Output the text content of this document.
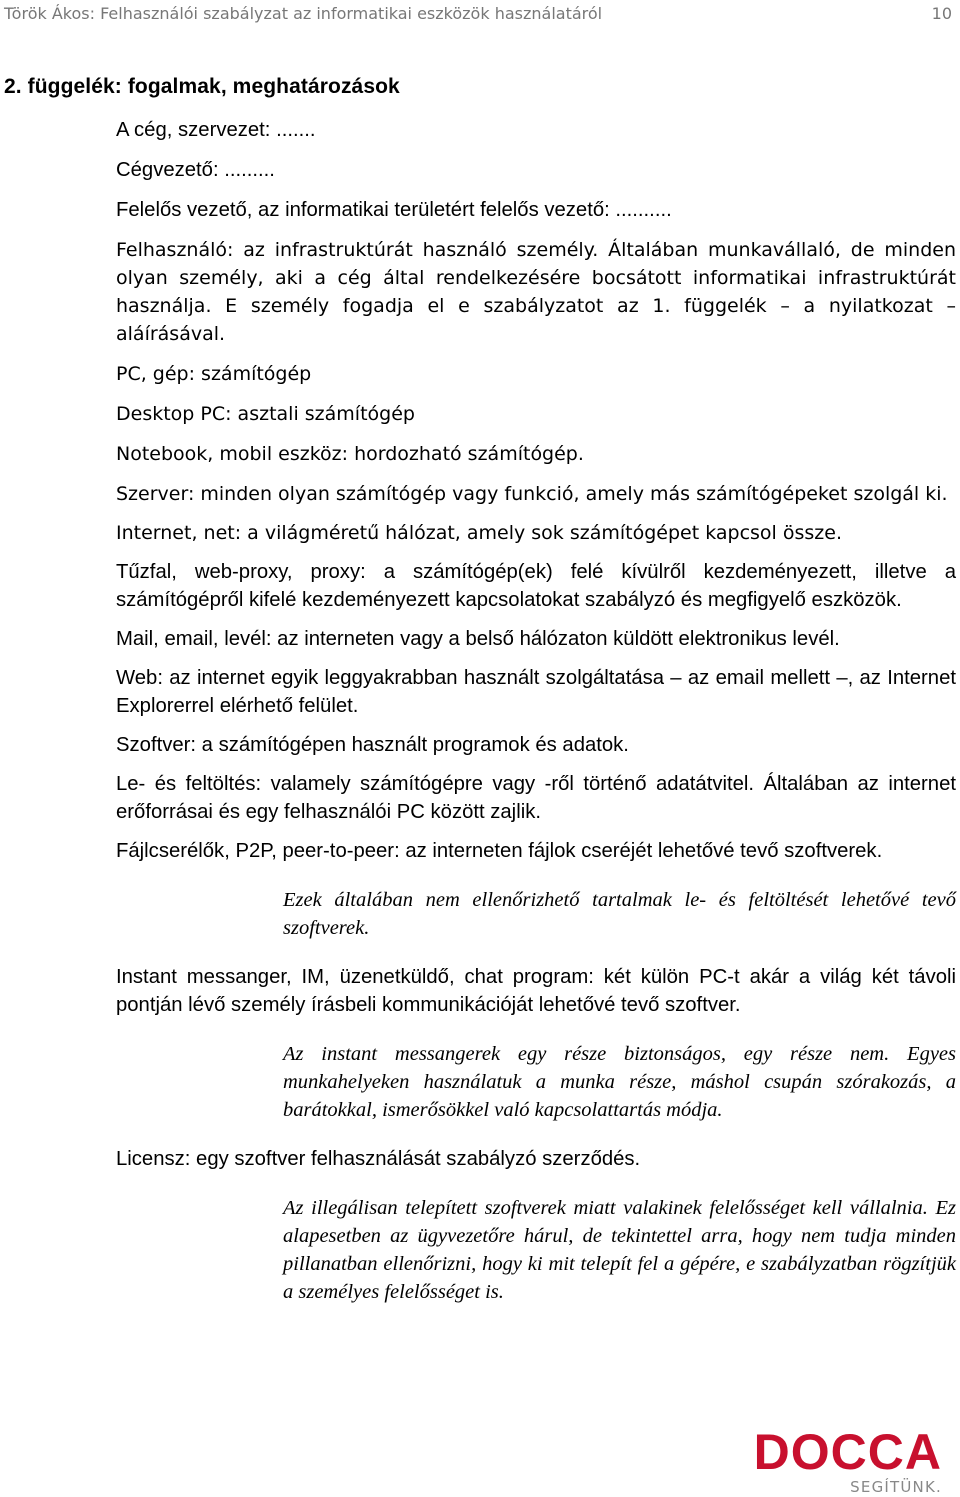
Török Ákos: Felhasználói szabályzat az informatikai eszközök használatáról	10
2. függelék: fogalmak, meghatározások

A cég, szervezet: .......

Cégvezető: .........

Felelős vezető, az informatikai területért felelős vezető: ..........

Felhasználó: az infrastruktúrát használó személy. Általában munkavállaló, de minden olyan személy, aki a cég által rendelkezésére bocsátott informatikai infrastruktúrát használja. E személy fogadja el e szabályzatot az 1. függelék – a nyilatkozat – aláírásával.

PC, gép: számítógép

Desktop PC: asztali számítógép

Notebook, mobil eszköz: hordozható számítógép.

Szerver: minden olyan számítógép vagy funkció, amely más számítógépeket szolgál ki.

Internet, net: a világméretű hálózat, amely sok számítógépet kapcsol össze.

Tűzfal, web-proxy, proxy: a számítógép(ek) felé kívülről kezdeményezett, illetve a számítógépről kifelé kezdeményezett kapcsolatokat szabályzó és megfigyelő eszközök.

Mail, email, levél: az interneten vagy a belső hálózaton küldött elektronikus levél.

Web: az internet egyik leggyakrabban használt szolgáltatása – az email mellett –, az Internet Explorerrel elérhető felület.

Szoftver: a számítógépen használt programok és adatok.

Le- és feltöltés: valamely számítógépre vagy -ről történő adatátvitel. Általában az internet erőforrásai és egy felhasználói PC között zajlik.

Fájlcserélők, P2P, peer-to-peer: az interneten fájlok cseréjét lehetővé tevő szoftverek.

Ezek általában nem ellenőrizhető tartalmak le- és feltöltését lehetővé tevő szoftverek.

Instant messanger, IM, üzenetküldő, chat program: két külön PC-t akár a világ két távoli pontján lévő személy írásbeli kommunikációját lehetővé tevő szoftver.

Az instant messangerek egy része biztonságos, egy része nem. Egyes munkahelyeken használatuk a munka része, máshol csupán szórakozás, a barátokkal, ismerősökkel való kapcsolattartás módja.

Licensz: egy szoftver felhasználását szabályzó szerződés.

Az illegálisan telepített szoftverek miatt valakinek felelősséget kell vállalnia. Ez alapesetben az ügyvezetőre hárul, de tekintettel arra, hogy nem tudja minden pillanatban ellenőrizni, hogy ki mit telepít fel a gépére, e szabályzatban rögzítjük a személyes felelősséget is.

DOCCA
SEGÍTÜNK.
